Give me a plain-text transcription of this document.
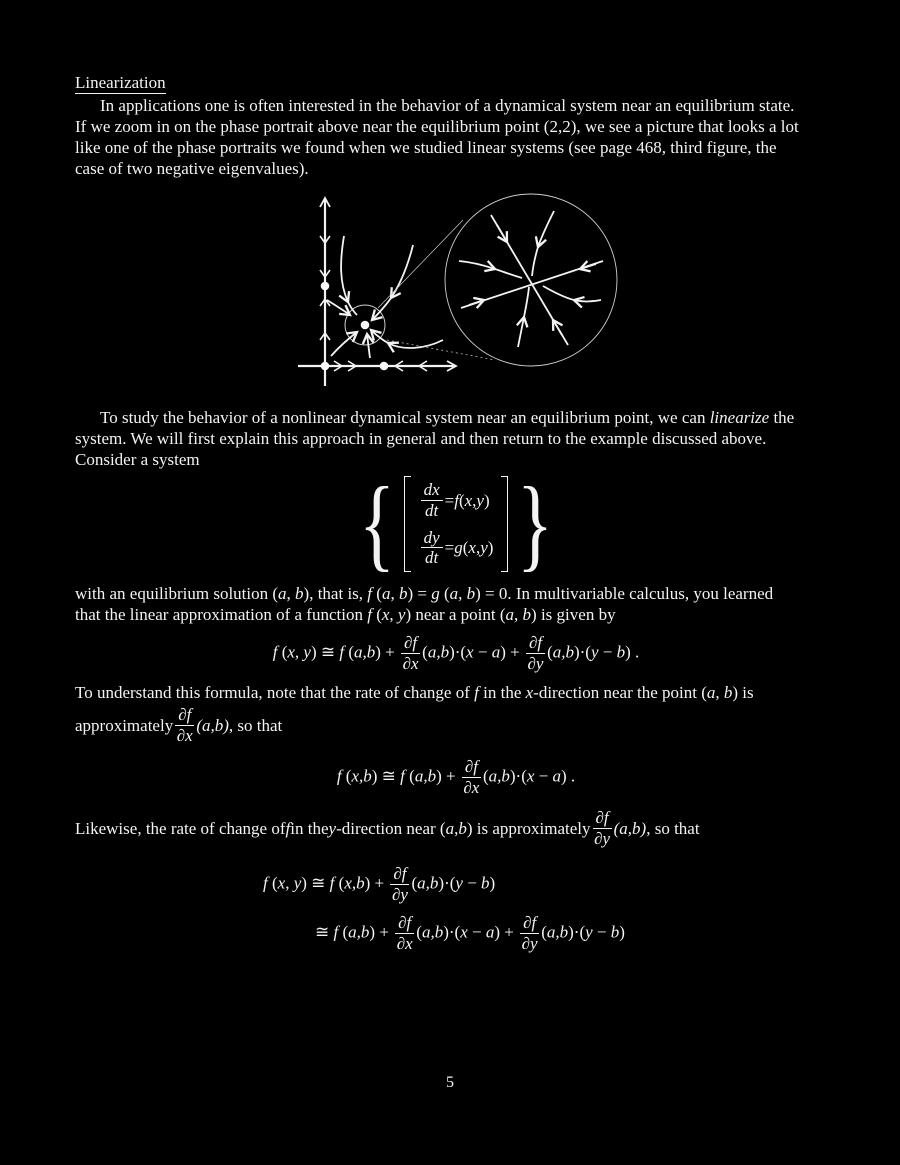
Linearization
In applications one is often interested in the behavior of a dynamical system near an equilibrium state.
If we zoom in on the phase portrait above near the equilibrium point (2,2), we see a picture that looks a lot
like one of the phase portraits we found when we studied linear systems (see page 468, third figure, the
case of two negative eigenvalues).
To study the behavior of a nonlinear dynamical system near an equilibrium point, we can linearize the
system. We will first explain this approach in general and then return to the example discussed above.
Consider a system
{ $\frac{dx}{dt} = f$ ( x , y )
$\frac{dy}{dt} = g$ ( x , y ) }
with an equilibrium solution (a, b), that is, f (a, b) = g (a, b) = 0. In multivariable calculus, you learned
that the linear approximation of a function f (x, y) near a point (a, b) is given by
f (x, y) ≅ f $(a,b) + \frac{\partial f}{\partial x} (a,b)\cdot(x - a) + \frac{\partial f}{\partial y} (a,b)\cdot(y - b)$ .
To understand this formula, note that the rate of change of f in the x-direction near the point (a, b) is
approximately $\frac{\partial f}{\partial x} (a,b)$ , so that
f (x,b) ≅ f $(a,b) + \frac{\partial f}{\partial x} (a,b)\cdot(x - a)$ .
Likewise, the rate of change of f in the y -direction near ( a , b ) is approximately $\frac{\partial f}{\partial y} (a,b)$ , so that
f (x, y) ≅ f $(x,b) + \frac{\partial f}{\partial y} (a,b)\cdot(y - b)$
≅ f $(a,b) + \frac{\partial f}{\partial x} (a,b)\cdot(x - a) + \frac{\partial f}{\partial y} (a,b)\cdot(y - b)$
5
